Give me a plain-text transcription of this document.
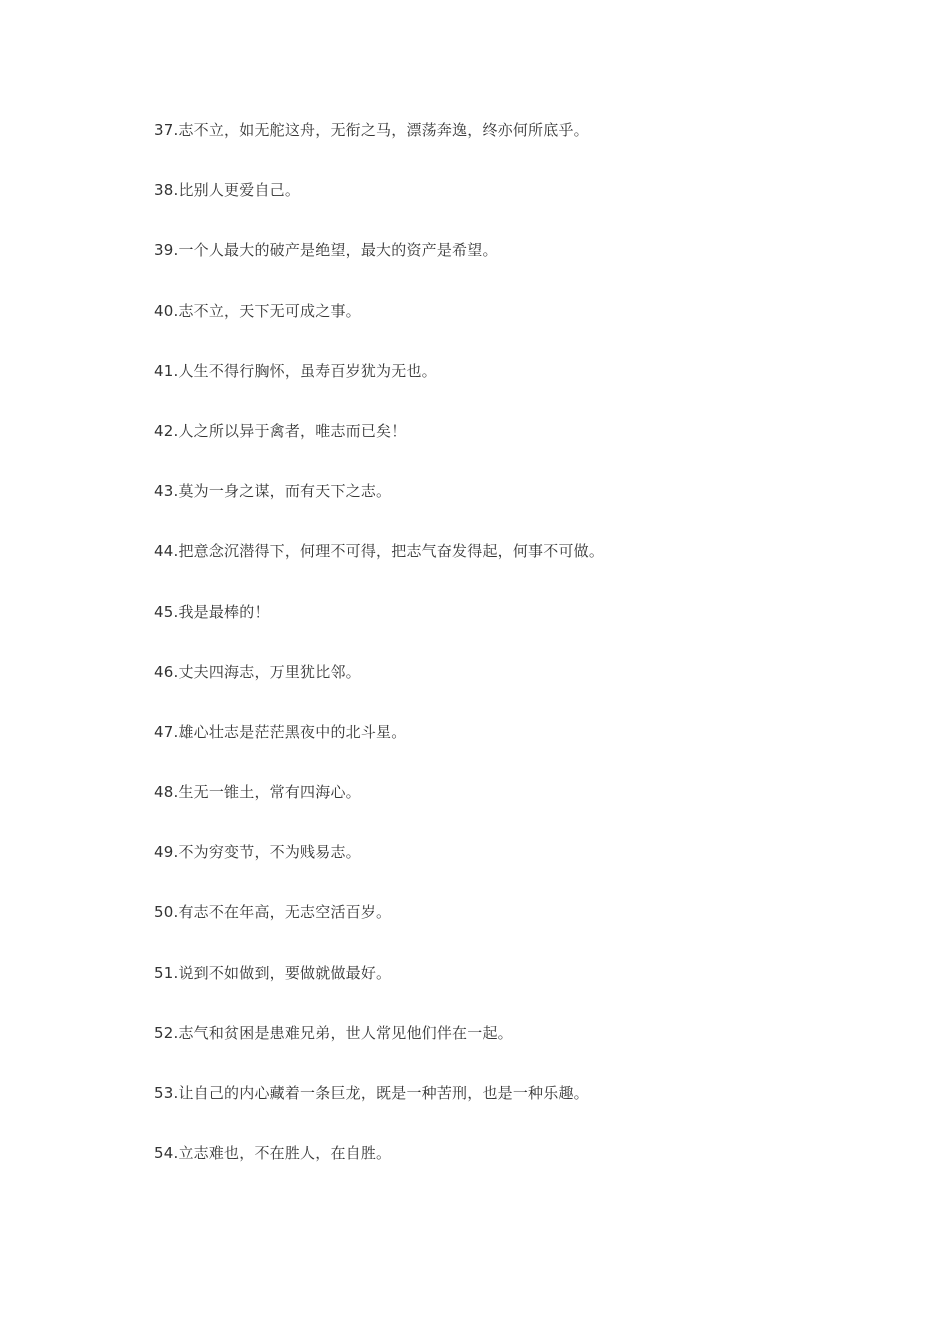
37.志不立，如无舵这舟，无衔之马，漂荡奔逸，终亦何所底乎。
38.比别人更爱自己。
39.一个人最大的破产是绝望，最大的资产是希望。
40.志不立，天下无可成之事。
41.人生不得行胸怀，虽寿百岁犹为无也。
42.人之所以异于禽者，唯志而已矣！
43.莫为一身之谋，而有天下之志。
44.把意念沉潜得下，何理不可得，把志气奋发得起，何事不可做。
45.我是最棒的！
46.丈夫四海志，万里犹比邻。
47.雄心壮志是茫茫黑夜中的北斗星。
48.生无一锥土，常有四海心。
49.不为穷变节，不为贱易志。
50.有志不在年高，无志空活百岁。
51.说到不如做到，要做就做最好。
52.志气和贫困是患难兄弟，世人常见他们伴在一起。
53.让自己的内心藏着一条巨龙，既是一种苦刑，也是一种乐趣。
54.立志难也，不在胜人，在自胜。
